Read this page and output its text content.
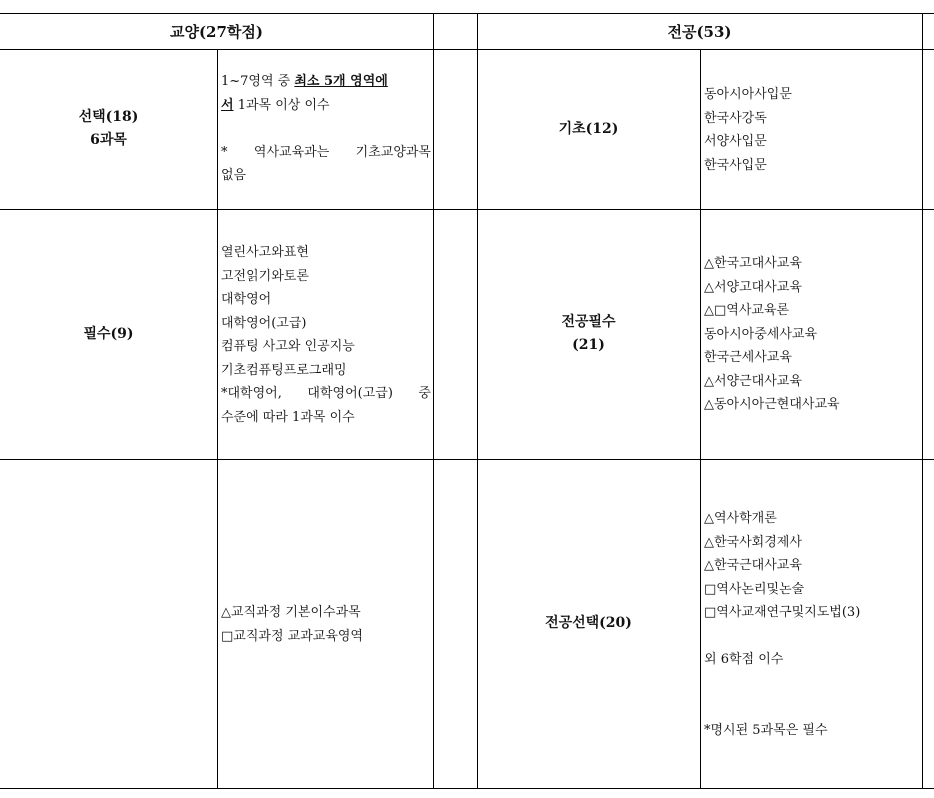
교양(27학점)	전공(53)
선택(18)
6과목
1~7영역 중 최소 5개 영역에
서 1과목 이상 이수

* 역사교육과는 기초교양과목
없음
필수(9)
열린사고와표현
고전읽기와토론
대학영어
대학영어(고급)
컴퓨팅 사고와 인공지능
기초컴퓨팅프로그래밍
*대학영어, 대학영어(고급) 중
수준에 따라 1과목 이수
△교직과정 기본이수과목
□교직과정 교과교육영역
기초(12)
동아시아사입문
한국사강독
서양사입문
한국사입문
전공필수
(21)
△한국고대사교육
△서양고대사교육
△□역사교육론
동아시아중세사교육
한국근세사교육
△서양근대사교육
△동아시아근현대사교육
전공선택(20)
△역사학개론
△한국사회경제사
△한국근대사교육
□역사논리및논술
□역사교재연구및지도법(3)

외 6학점 이수

*명시된 5과목은 필수
